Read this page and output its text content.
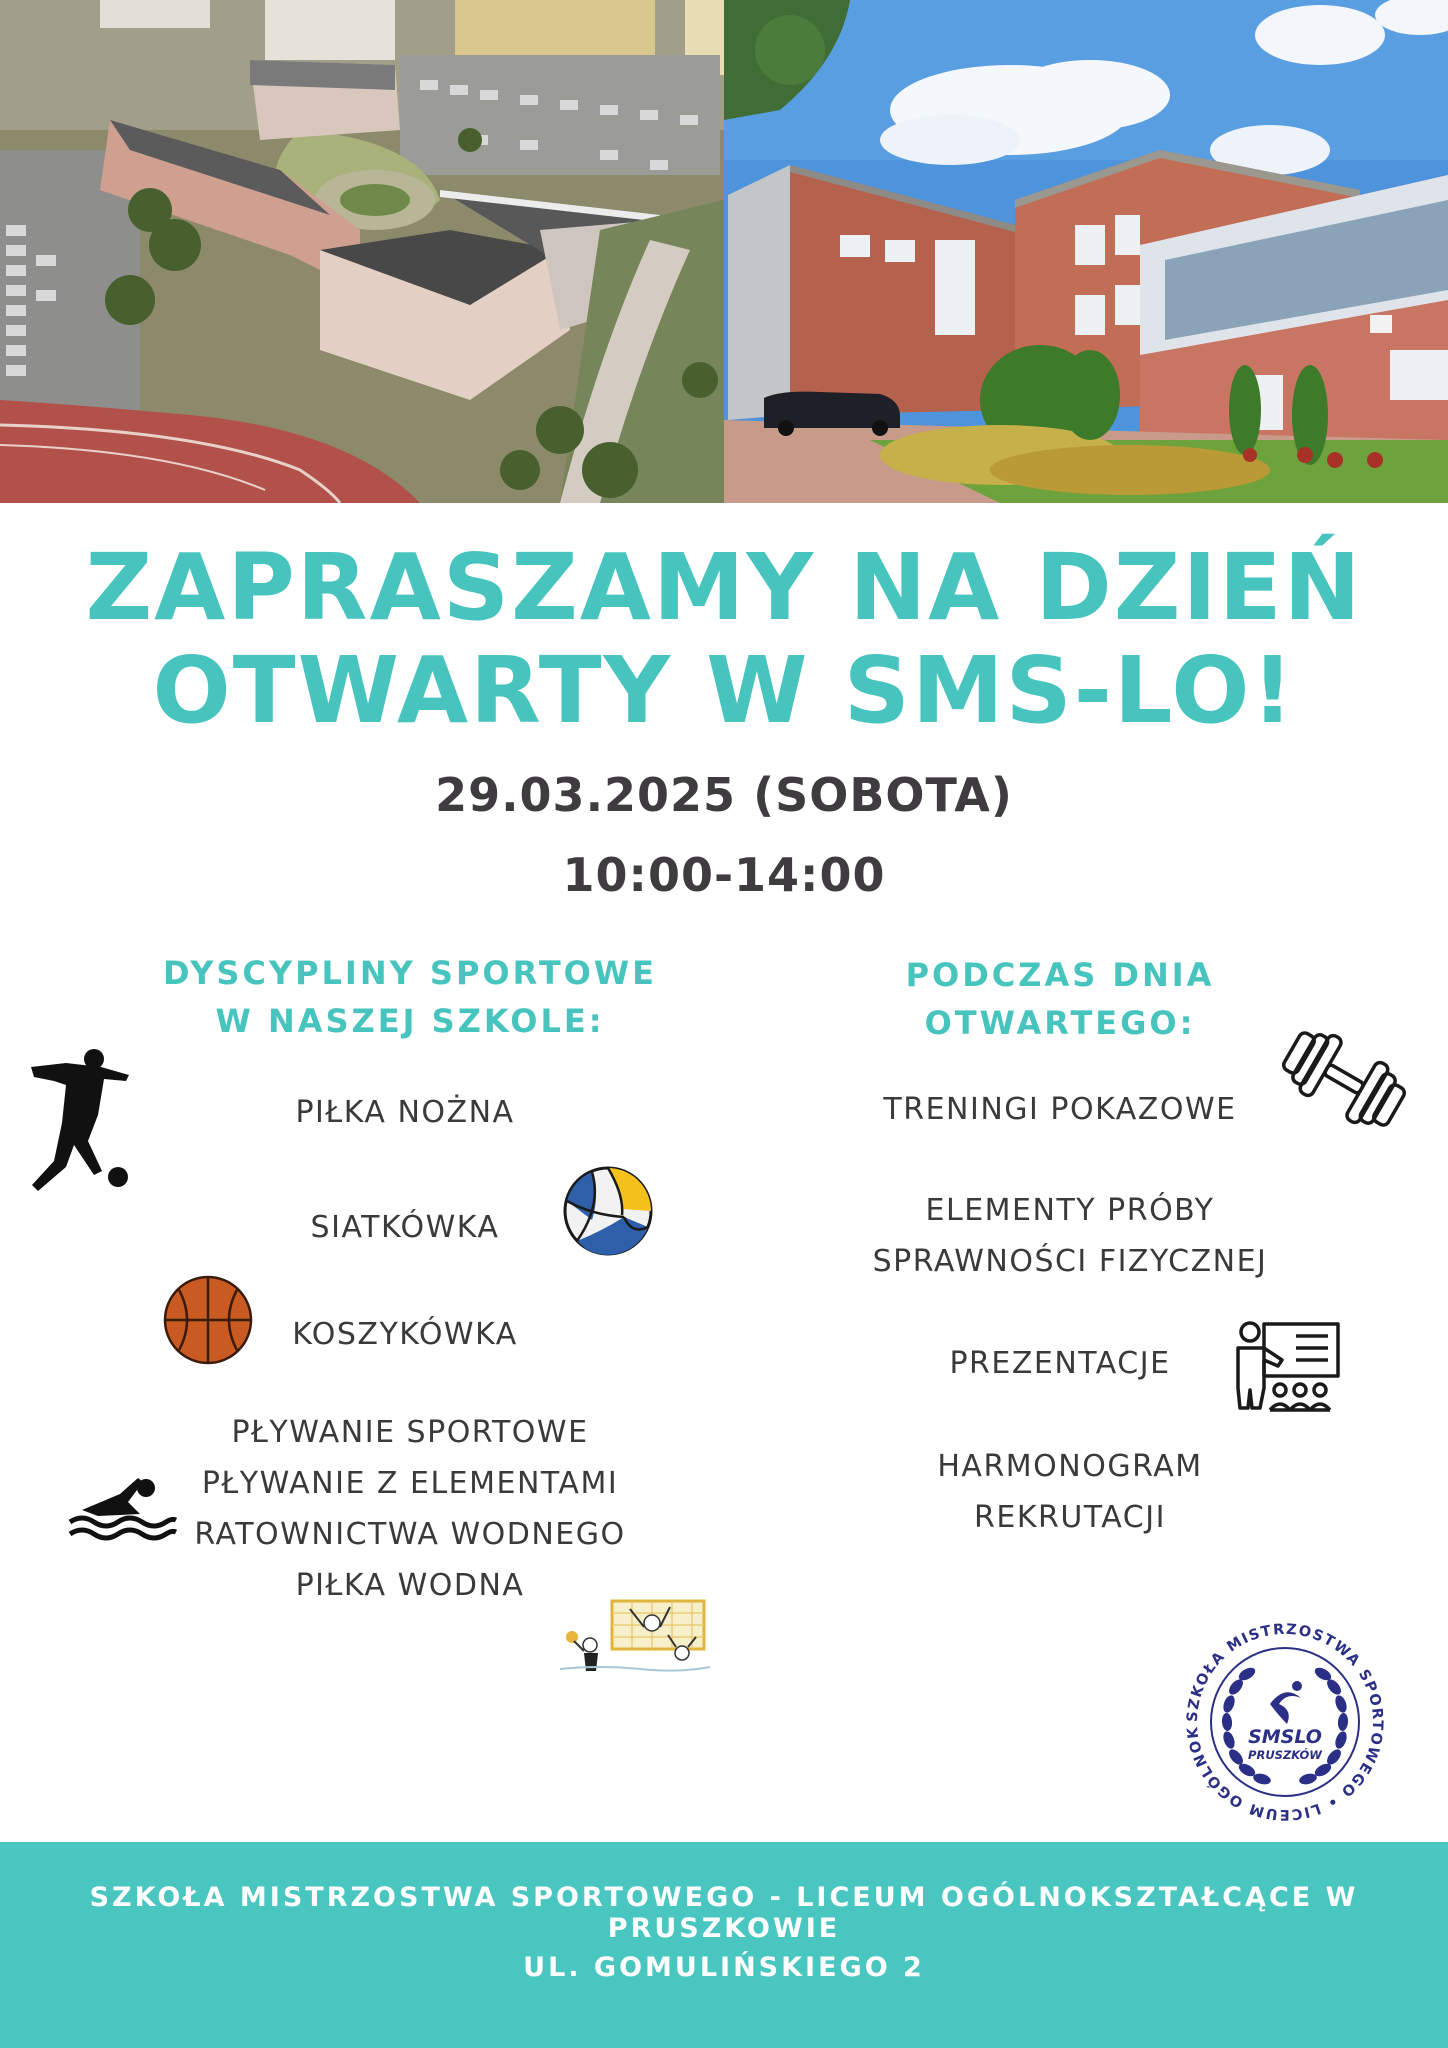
ZAPRASZAMY NA DZIEŃ
OTWARTY W SMS-LO!
29.03.2025 (SOBOTA)
10:00-14:00
DYSCYPLINY SPORTOWE
W NASZEJ SZKOLE:
PIŁKA NOŻNA
SIATKÓWKA
KOSZYKÓWKA
PŁYWANIE SPORTOWE
PŁYWANIE Z ELEMENTAMI
RATOWNICTWA WODNEGO
PIŁKA WODNA
PODCZAS DNIA
OTWARTEGO:
TRENINGI POKAZOWE
ELEMENTY PRÓBY
SPRAWNOŚCI FIZYCZNEJ
PREZENTACJE
HARMONOGRAM
REKRUTACJI
SZKOŁA MISTRZOSTWA SPORTOWEGO • LICEUM OGÓLNOK	SMSLO
PRUSZKÓW
SZKOŁA MISTRZOSTWA SPORTOWEGO - LICEUM OGÓLNOKSZTAŁCĄCE W PRUSZKOWIE
UL. GOMULIŃSKIEGO 2
